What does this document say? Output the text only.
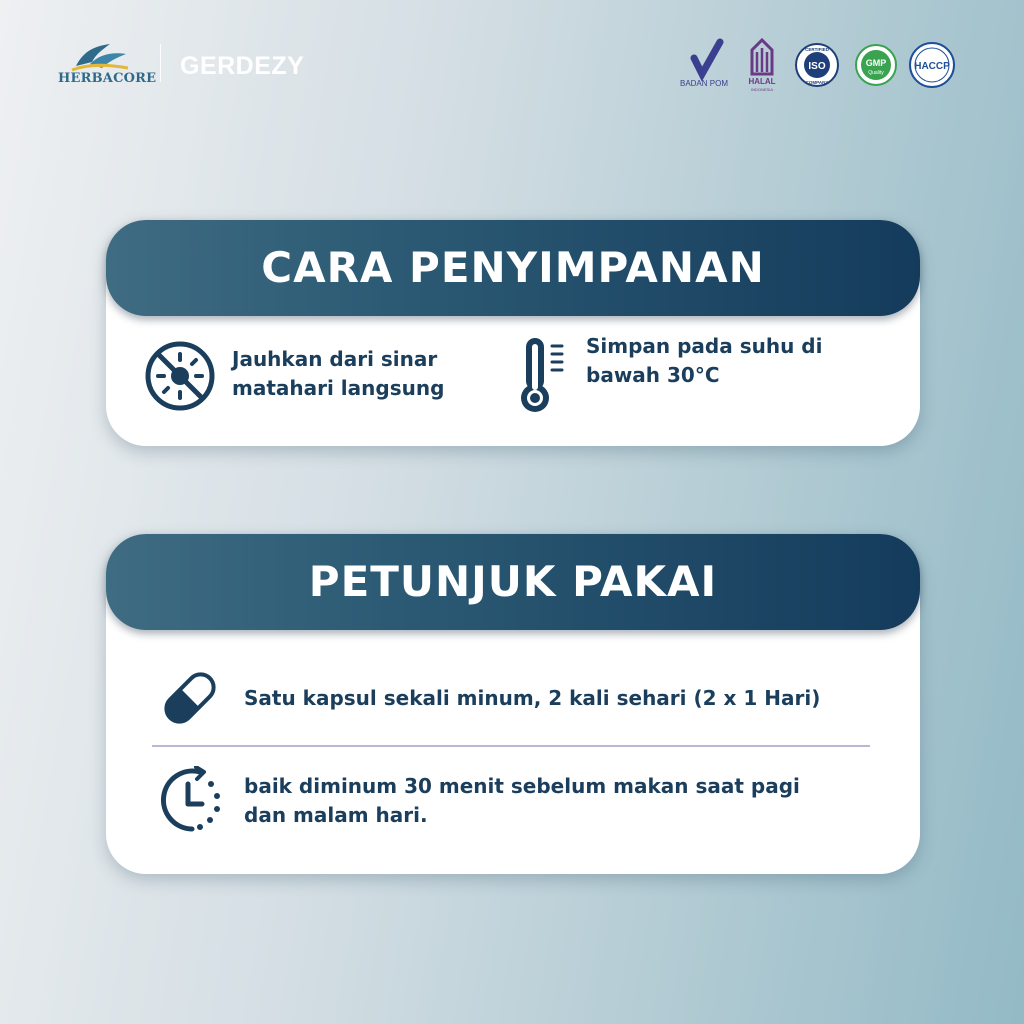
HERBACORE GERDEZY
BADAN POM	HALAL
INDONESIA
ISO
CERTIFIED
COMPANY
GMP
Quality
HACCP
CARA PENYIMPANAN
Jauhkan dari sinar
matahari langsung
Simpan pada suhu di
bawah 30°C
PETUNJUK PAKAI
Satu kapsul sekali minum, 2 kali sehari (2 x 1 Hari)
baik diminum 30 menit sebelum makan saat pagi
dan malam hari.
